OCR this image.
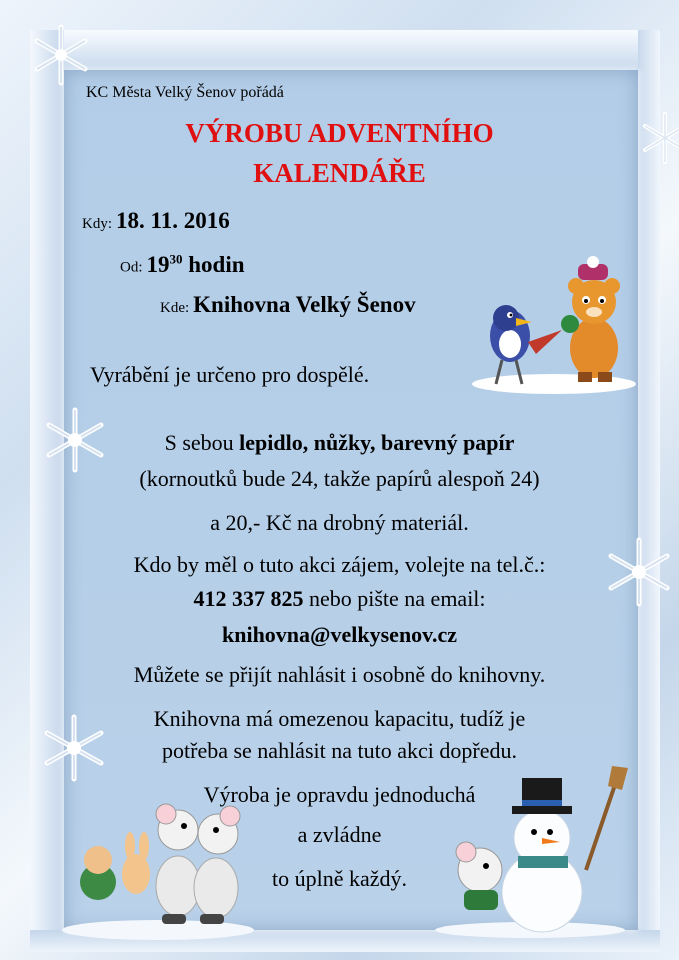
KC Města Velký Šenov pořádá
VÝROBU ADVENTNÍHO
KALENDÁŘE
Kdy: 18. 11. 2016
Od: $19^{30}$ hodin
Kde: Knihovna Velký Šenov
Vyrábění je určeno pro dospělé.
S sebou lepidlo, nůžky, barevný papír
(kornoutků bude 24, takže papírů alespoň 24)
a 20,- Kč na drobný materiál.
Kdo by měl o tuto akci zájem, volejte na tel.č.:
412 337 825 nebo pište na email:
knihovna@velkysenov.cz
Můžete se přijít nahlásit i osobně do knihovny.
Knihovna má omezenou kapacitu, tudíž je
potřeba se nahlásit na tuto akci dopředu.
Výroba je opravdu jednoduchá
a zvládne
to úplně každý.
